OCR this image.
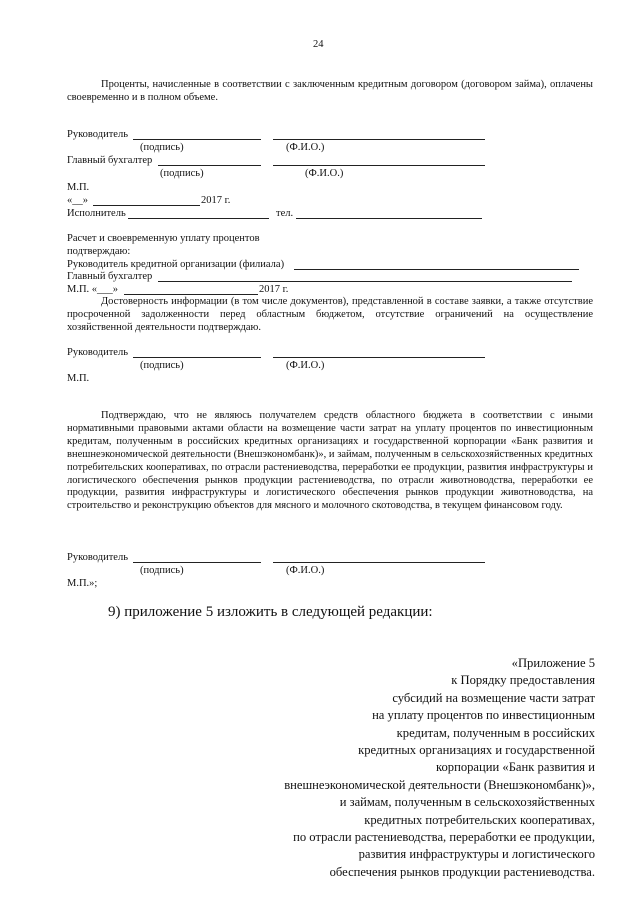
24
Проценты, начисленные в соответствии с заключенным кредитным договором (договором займа), оплачены своевременно и в полном объеме.
Руководитель
(подпись)	(Ф.И.О.)
Главный бухгалтер
(подпись)	(Ф.И.О.)
М.П.
«__»	2017 г.
Исполнитель	тел.
Расчет и своевременную уплату процентов
подтверждаю:
Руководитель кредитной организации (филиала)
Главный бухгалтер
М.П. «___»	2017 г.
Достоверность информации (в том числе документов), представленной в составе заявки, а также отсутствие просроченной задолженности перед областным бюджетом, отсутствие ограничений на осуществление хозяйственной деятельности подтверждаю.
Руководитель
(подпись)	(Ф.И.О.)
М.П.
Подтверждаю, что не являюсь получателем средств областного бюджета в соответствии с иными нормативными правовыми актами области на возмещение части затрат на уплату процентов по инвестиционным кредитам, полученным в российских кредитных организациях и государственной корпорации «Банк развития и внешнеэкономической деятельности (Внешэкономбанк)», и займам, полученным в сельскохозяйственных кредитных потребительских кооперативах, по отрасли растениеводства, переработки ее продукции, развития инфраструктуры и логистического обеспечения рынков продукции растениеводства, по отрасли животноводства, переработки ее продукции, развития инфраструктуры и логистического обеспечения рынков продукции животноводства, на строительство и реконструкцию объектов для мясного и молочного скотоводства, в текущем финансовом году.
Руководитель
(подпись)	(Ф.И.О.)
М.П.»;
9) приложение 5 изложить в следующей редакции:
«Приложение 5
к Порядку предоставления
субсидий на возмещение части затрат
на уплату процентов по инвестиционным
кредитам, полученным в российских
кредитных организациях и государственной
корпорации «Банк развития и
внешнеэкономической деятельности (Внешэкономбанк)»,
и займам, полученным в сельскохозяйственных
кредитных потребительских кооперативах,
по отрасли растениеводства, переработки ее продукции,
развития инфраструктуры и логистического
обеспечения рынков продукции растениеводства.
